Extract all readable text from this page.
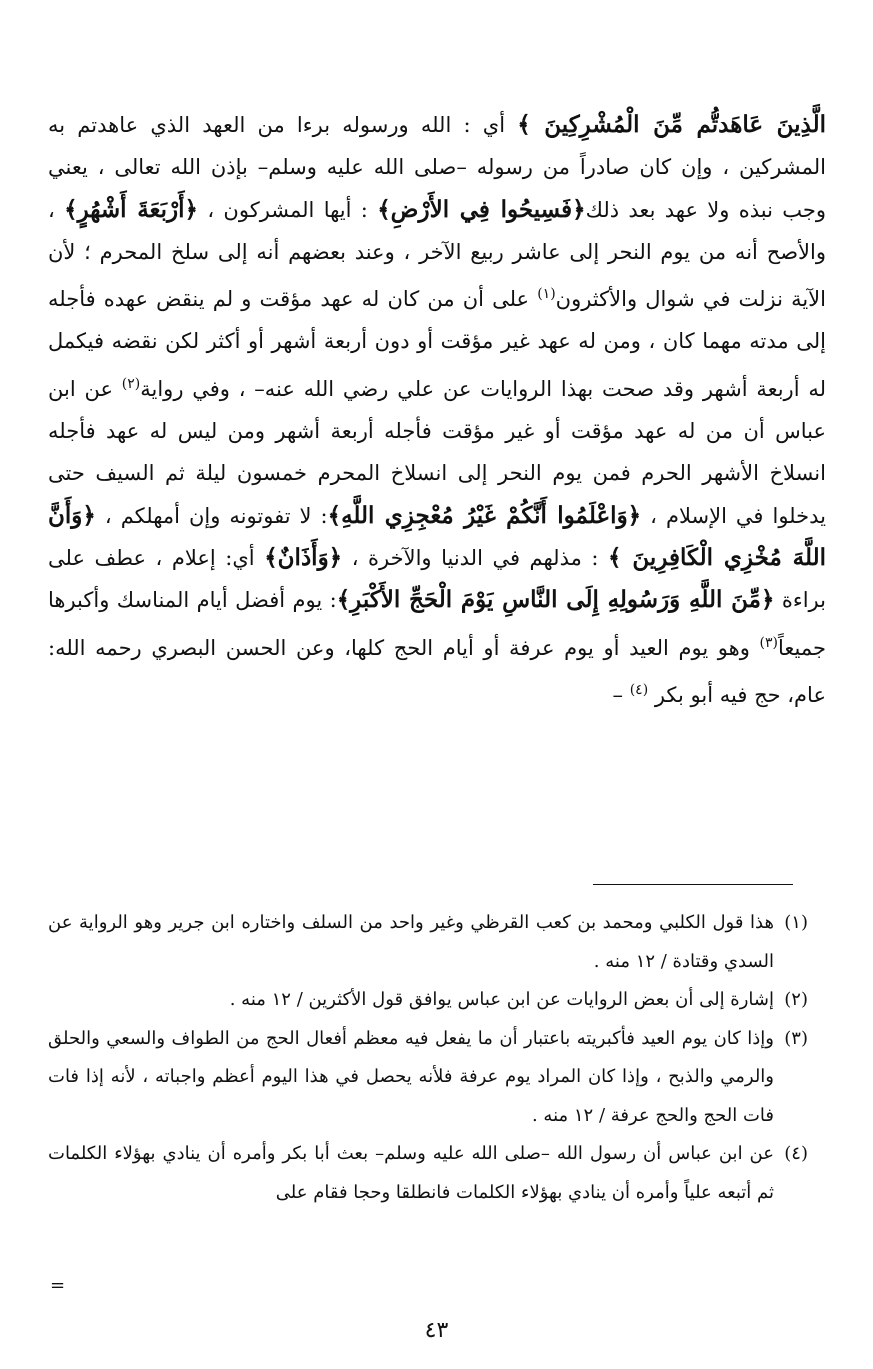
الَّذِينَ عَاهَدتُّم مِّنَ الْمُشْرِكِينَ ﴾ أي : الله ورسوله برءا من العهد الذي عاهدتم به المشركين ، وإن كان صادراً من رسوله –صلى الله عليه وسلم– بإذن الله تعالى ، يعني وجب نبذه ولا عهد بعد ذلك﴿فَسِيحُوا فِي الأَرْضِ﴾ : أيها المشركون ، ﴿أَرْبَعَةَ أَشْهُرٍ﴾ ، والأصح أنه من يوم النحر إلى عاشر ربيع الآخر ، وعند بعضهم أنه إلى سلخ المحرم ؛ لأن الآية نزلت في شوال والأكثرون$^{(١)}$ على أن من كان له عهد مؤقت و لم ينقض عهده فأجله إلى مدته مهما كان ، ومن له عهد غير مؤقت أو دون أربعة أشهر أو أكثر لكن نقضه فيكمل له أربعة أشهر وقد صحت بهذا الروايات عن علي رضي الله عنه– ، وفي رواية$^{(٢)}$ عن ابن عباس أن من له عهد مؤقت أو غير مؤقت فأجله أربعة أشهر ومن ليس له عهد فأجله انسلاخ الأشهر الحرم فمن يوم النحر إلى انسلاخ المحرم خمسون ليلة ثم السيف حتى يدخلوا في الإسلام ، ﴿وَاعْلَمُوا أَنَّكُمْ غَيْرُ مُعْجِزِي اللَّهِ﴾: لا تفوتونه وإن أمهلكم ، ﴿وَأَنَّ اللَّهَ مُخْزِي الْكَافِرِينَ ﴾ : مذلهم في الدنيا والآخرة ، ﴿وَأَذَانٌ﴾ أي: إعلام ، عطف على براءة ﴿مِّنَ اللَّهِ وَرَسُولِهِ إِلَى النَّاسِ يَوْمَ الْحَجِّ الأَكْبَرِ﴾: يوم أفضل أيام المناسك وأكبرها جميعاً$^{(٣)}$ وهو يوم العيد أو يوم عرفة أو أيام الحج كلها، وعن الحسن البصري رحمه الله: عام، حج فيه أبو بكر $^{(٤)}$ –

(١)هذا قول الكلبي ومحمد بن كعب القرظي وغير واحد من السلف واختاره ابن جرير وهو الرواية عن السدي وقتادة / ١٢ منه .

(٢)إشارة إلى أن بعض الروايات عن ابن عباس يوافق قول الأكثرين / ١٢ منه .

(٣)وإذا كان يوم العيد فأكبريته باعتبار أن ما يفعل فيه معظم أفعال الحج من الطواف والسعي والحلق والرمي والذبح ، وإذا كان المراد يوم عرفة فلأنه يحصل في هذا اليوم أعظم واجباته ، لأنه إذا فات فات الحج والحج عرفة / ١٢ منه .

(٤)عن ابن عباس أن رسول الله –صلى الله عليه وسلم– بعث أبا بكر وأمره أن ينادي بهؤلاء الكلمات ثم أتبعه علياً وأمره أن ينادي بهؤلاء الكلمات فانطلقا وحجا فقام على

=
٤٣
